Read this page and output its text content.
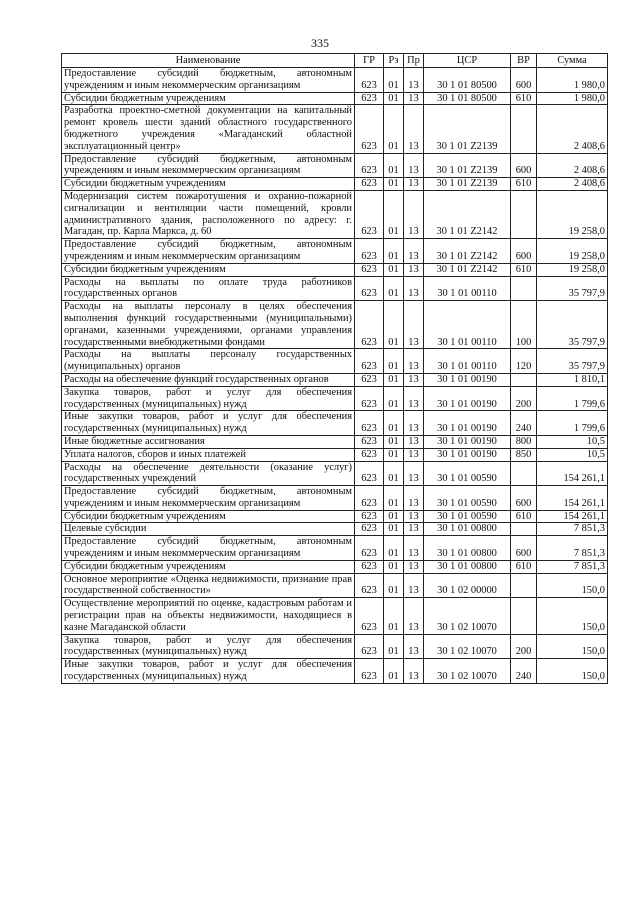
335
Наименование	ГР	Рз	Пр	ЦСР	ВР	Сумма
Предоставление субсидий бюджетным, автономным учреждениям и иным некоммерческим организациям	623	01	13	30 1 01 80500	600	1 980,0
Субсидии бюджетным учреждениям	623	01	13	30 1 01 80500	610	1 980,0
Разработка проектно-сметной документации на капитальный ремонт кровель шести зданий областного государственного бюджетного учреждения «Магаданский областной эксплуатационный центр»	623	01	13	30 1 01 Z2139		2 408,6
Предоставление субсидий бюджетным, автономным учреждениям и иным некоммерческим организациям	623	01	13	30 1 01 Z2139	600	2 408,6
Субсидии бюджетным учреждениям	623	01	13	30 1 01 Z2139	610	2 408,6
Модернизация систем пожаротушения и охранно-пожарной сигнализации и вентиляции части помещений, кровли административного здания, расположенного по адресу: г. Магадан, пр. Карла Маркса, д. 60	623	01	13	30 1 01 Z2142		19 258,0
Предоставление субсидий бюджетным, автономным учреждениям и иным некоммерческим организациям	623	01	13	30 1 01 Z2142	600	19 258,0
Субсидии бюджетным учреждениям	623	01	13	30 1 01 Z2142	610	19 258,0
Расходы на выплаты по оплате труда работников государственных органов	623	01	13	30 1 01 00110		35 797,9
Расходы на выплаты персоналу в целях обеспечения выполнения функций государственными (муниципальными) органами, казенными учреждениями, органами управления государственными внебюджетными фондами	623	01	13	30 1 01 00110	100	35 797,9
Расходы на выплаты персоналу государственных (муниципальных) органов	623	01	13	30 1 01 00110	120	35 797,9
Расходы на обеспечение функций государственных органов	623	01	13	30 1 01 00190		1 810,1
Закупка товаров, работ и услуг для обеспечения государственных (муниципальных) нужд	623	01	13	30 1 01 00190	200	1 799,6
Иные закупки товаров, работ и услуг для обеспечения государственных (муниципальных) нужд	623	01	13	30 1 01 00190	240	1 799,6
Иные бюджетные ассигнования	623	01	13	30 1 01 00190	800	10,5
Уплата налогов, сборов и иных платежей	623	01	13	30 1 01 00190	850	10,5
Расходы на обеспечение деятельности (оказание услуг) государственных учреждений	623	01	13	30 1 01 00590		154 261,1
Предоставление субсидий бюджетным, автономным учреждениям и иным некоммерческим организациям	623	01	13	30 1 01 00590	600	154 261,1
Субсидии бюджетным учреждениям	623	01	13	30 1 01 00590	610	154 261,1
Целевые субсидии	623	01	13	30 1 01 00800		7 851,3
Предоставление субсидий бюджетным, автономным учреждениям и иным некоммерческим организациям	623	01	13	30 1 01 00800	600	7 851,3
Субсидии бюджетным учреждениям	623	01	13	30 1 01 00800	610	7 851,3
Основное мероприятие «Оценка недвижимости, признание прав государственной собственности»	623	01	13	30 1 02 00000		150,0
Осуществление мероприятий по оценке, кадастровым работам и регистрации прав на объекты недвижимости, находящиеся в казне Магаданской области	623	01	13	30 1 02 10070		150,0
Закупка товаров, работ и услуг для обеспечения государственных (муниципальных) нужд	623	01	13	30 1 02 10070	200	150,0
Иные закупки товаров, работ и услуг для обеспечения государственных (муниципальных) нужд	623	01	13	30 1 02 10070	240	150,0
